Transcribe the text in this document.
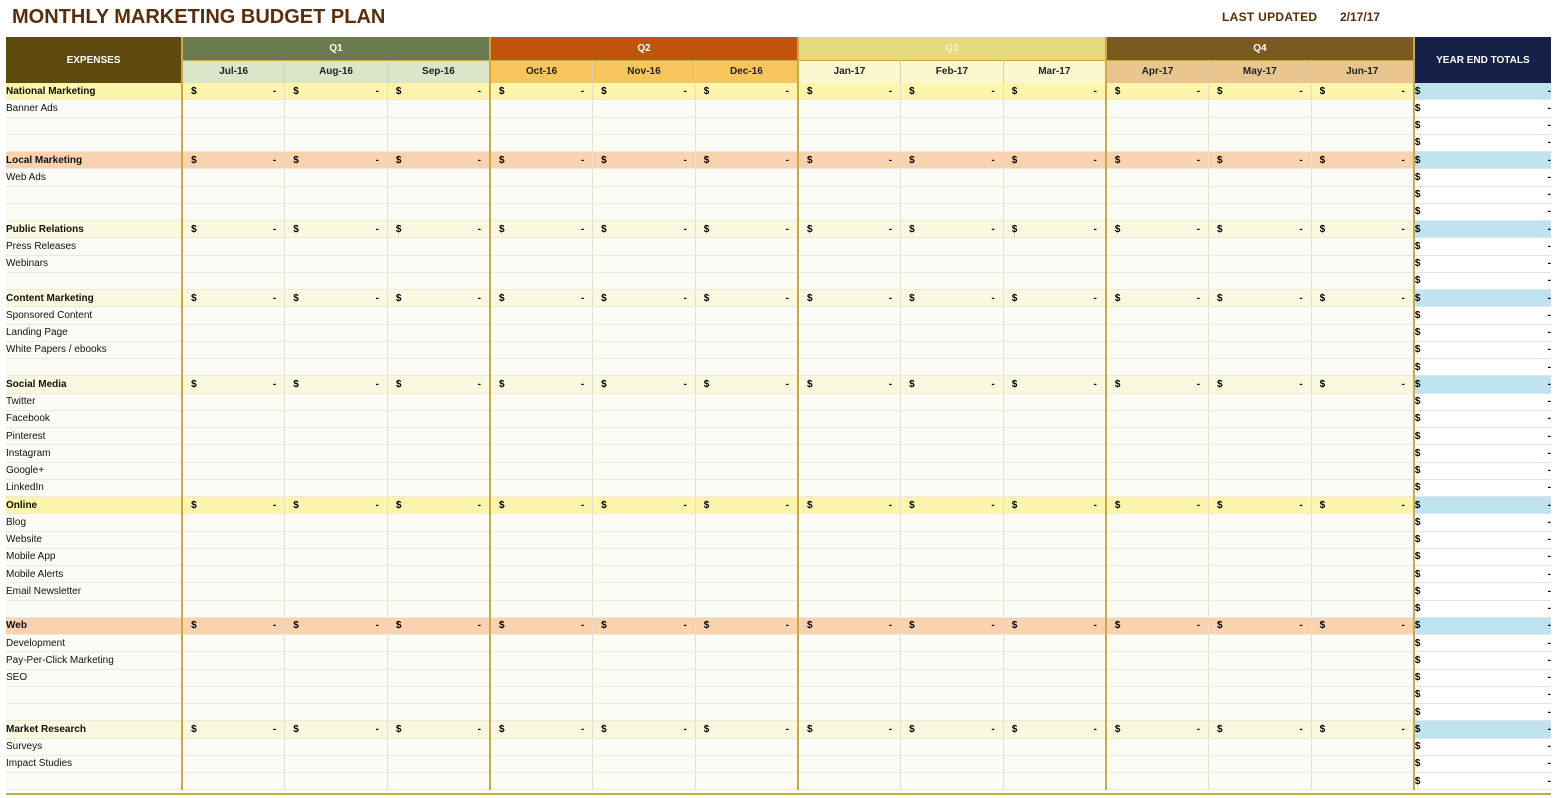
MONTHLY MARKETING BUDGET PLAN	LAST UPDATED 2/17/17
EXPENSES	Q1			Q2			Q3			Q4			YEAR END TOTALS
	Jul-16	Aug-16	Sep-16	Oct-16	Nov-16	Dec-16	Jan-17	Feb-17	Mar-17	Apr-17	May-17	Jun-17	
National Marketing	$ -	$ -	$ -	$ -	$ -	$ -	$ -	$ -	$ -	$ -	$ -	$ -	$ -

Banner Ads													$ -

													$ -

													$ -

Local Marketing	$ -	$ -	$ -	$ -	$ -	$ -	$ -	$ -	$ -	$ -	$ -	$ -	$ -

Web Ads													$ -

													$ -

													$ -

Public Relations	$ -	$ -	$ -	$ -	$ -	$ -	$ -	$ -	$ -	$ -	$ -	$ -	$ -

Press Releases													$ -

Webinars													$ -

													$ -

Content Marketing	$ -	$ -	$ -	$ -	$ -	$ -	$ -	$ -	$ -	$ -	$ -	$ -	$ -

Sponsored Content													$ -

Landing Page													$ -

White Papers / ebooks													$ -

													$ -

Social Media	$ -	$ -	$ -	$ -	$ -	$ -	$ -	$ -	$ -	$ -	$ -	$ -	$ -

Twitter													$ -

Facebook													$ -

Pinterest													$ -

Instagram													$ -

Google+													$ -

LinkedIn													$ -

Online	$ -	$ -	$ -	$ -	$ -	$ -	$ -	$ -	$ -	$ -	$ -	$ -	$ -

Blog													$ -

Website													$ -

Mobile App													$ -

Mobile Alerts													$ -

Email Newsletter													$ -

													$ -

Web	$ -	$ -	$ -	$ -	$ -	$ -	$ -	$ -	$ -	$ -	$ -	$ -	$ -

Development													$ -

Pay-Per-Click Marketing													$ -

SEO													$ -

													$ -

													$ -

Market Research	$ -	$ -	$ -	$ -	$ -	$ -	$ -	$ -	$ -	$ -	$ -	$ -	$ -

Surveys													$ -

Impact Studies													$ -

													$ -
